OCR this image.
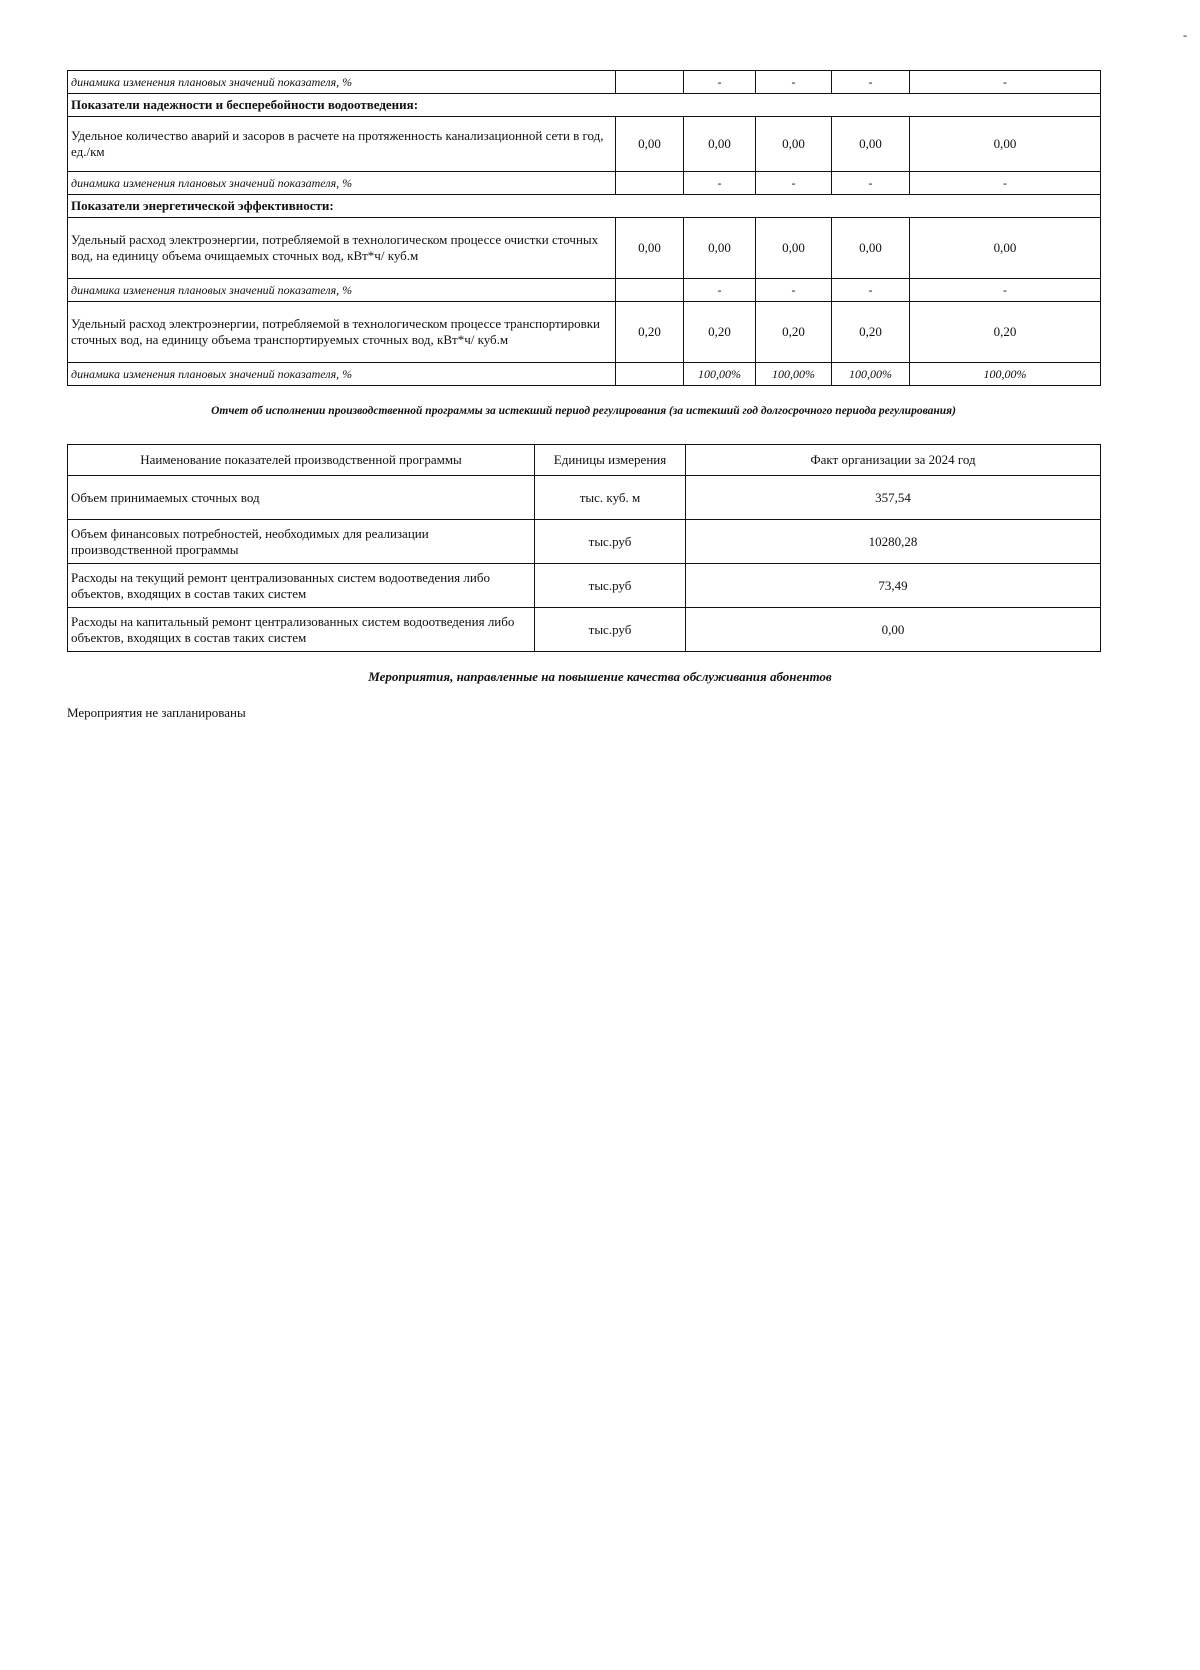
-
динамика изменения плановых значений показателя, %		-	-	-	-
Показатели надежности и бесперебойности водоотведения:					
Удельное количество аварий и засоров в расчете на протяженность канализационной сети в год, ед./км	0,00	0,00	0,00	0,00	0,00
динамика изменения плановых значений показателя, %		-	-	-	-
Показатели энергетической эффективности:					
Удельный расход электроэнергии, потребляемой в технологическом процессе очистки сточных вод, на единицу объема очищаемых сточных вод, кВт*ч/ куб.м	0,00	0,00	0,00	0,00	0,00
динамика изменения плановых значений показателя, %		-	-	-	-
Удельный расход электроэнергии, потребляемой в технологическом процессе транспортировки сточных вод, на единицу объема транспортируемых сточных вод, кВт*ч/ куб.м	0,20	0,20	0,20	0,20	0,20
динамика изменения плановых значений показателя, %		100,00%	100,00%	100,00%	100,00%
Отчет об исполнении производственной программы за истекший период регулирования (за истекший год долгосрочного периода регулирования)
Наименование показателей производственной программы	Единицы измерения	Факт организации за 2024 год
Объем принимаемых сточных вод	тыс. куб. м	357,54
Объем финансовых потребностей, необходимых для реализации производственной программы	тыс.руб	10280,28
Расходы на текущий ремонт централизованных систем водоотведения либо объектов, входящих в состав таких систем	тыс.руб	73,49
Расходы на капитальный ремонт централизованных систем водоотведения либо объектов, входящих в состав таких систем	тыс.руб	0,00
Мероприятия, направленные на повышение качества обслуживания абонентов
Мероприятия не запланированы
